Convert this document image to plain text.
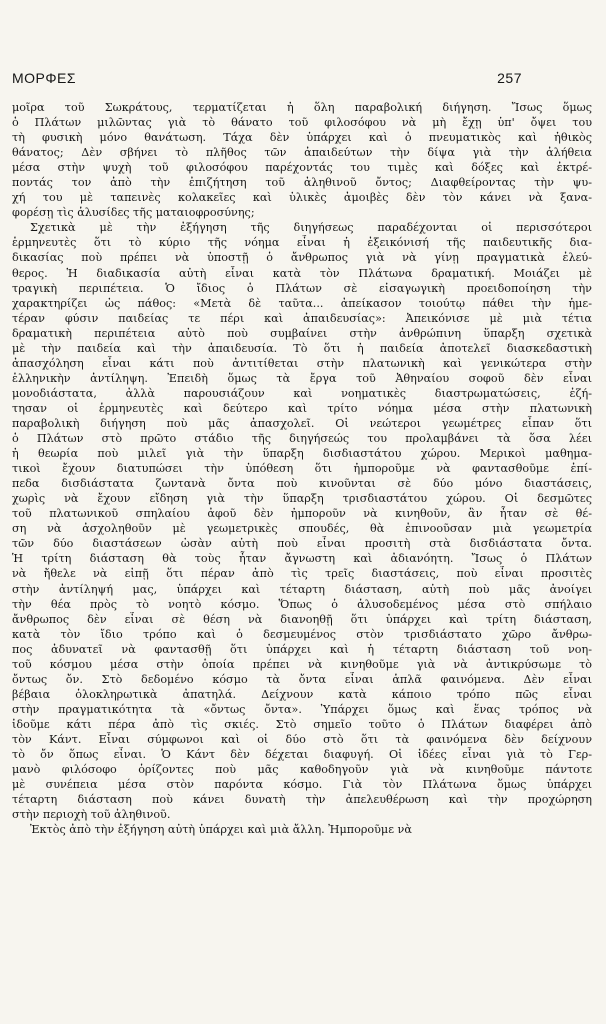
ΜΟΡΦΕΣ	257

μοῖρα τοῦ Σωκράτους, τερματίζεται ἡ ὅλη παραβολική διήγηση. Ἴσως ὅμως
ὁ Πλάτων μιλῶντας γιὰ τὸ θάνατο τοῦ φιλοσόφου νὰ μὴ ἔχῃ ὑπ' ὄψει του
τὴ φυσικὴ μόνο θανάτωση. Τάχα δὲν ὑπάρχει καὶ ὁ πνευματικὸς καὶ ἠθικὸς
θάνατος; Δὲν σβήνει τὸ πλῆθος τῶν ἀπαιδεύτων τὴν δίψα γιὰ τὴν ἀλήθεια
μέσα στὴν ψυχὴ τοῦ φιλοσόφου παρέχοντάς του τιμὲς καὶ δόξες καὶ ἐκτρέ-
ποντάς τον ἀπὸ τὴν ἐπιζήτηση τοῦ ἀληθινοῦ ὄντος; Διαφθείροντας τὴν ψυ-
χή του μὲ ταπεινὲς κολακεῖες καὶ ὑλικὲς ἀμοιβὲς δὲν τὸν κάνει νὰ ξανα-
φορέσῃ τὶς ἁλυσίδες τῆς ματαιοφροσύνης;

Σχετικὰ μὲ τὴν ἐξήγηση τῆς διηγήσεως παραδέχονται οἱ περισσότεροι
ἑρμηνευτὲς ὅτι τὸ κύριο τῆς νόημα εἶναι ἡ ἐξεικόνισή τῆς παιδευτικῆς δια-
δικασίας ποὺ πρέπει νὰ ὑποστῇ ὁ ἄνθρωπος γιὰ νὰ γίνῃ πραγματικὰ ἐλεύ-
θερος. Ἡ διαδικασία αὐτὴ εἶναι κατὰ τὸν Πλάτωνα δραματική. Μοιάζει μὲ
τραγικὴ περιπέτεια. Ὁ ἴδιος ὁ Πλάτων σὲ εἰσαγωγικὴ προειδοποίηση τὴν
χαρακτηρίζει ὡς πάθος: «Μετὰ δὲ ταῦτα... ἀπείκασον τοιούτῳ πάθει τὴν ἡμε-
τέραν φύσιν παιδείας τε πέρι καὶ ἀπαιδευσίας»: Ἀπεικόνισε μὲ μιὰ τέτια
δραματικὴ περιπέτεια αὐτὸ ποὺ συμβαίνει στὴν ἀνθρώπινη ὕπαρξη σχετικὰ
μὲ τὴν παιδεία καὶ τὴν ἀπαιδευσία. Τὸ ὅτι ἡ παιδεία ἀποτελεῖ διασκεδαστικὴ
ἀπασχόληση εἶναι κάτι ποὺ ἀντιτίθεται στὴν πλατωνικὴ καὶ γενικώτερα στὴν
ἑλληνικὴν ἀντίληψη. Ἐπειδὴ ὅμως τὰ ἔργα τοῦ Ἀθηναίου σοφοῦ δὲν εἶναι
μονοδιάστατα, ἀλλὰ παρουσιάζουν καὶ νοηματικὲς διαστρωματώσεις, ἐζή-
τησαν οἱ ἑρμηνευτὲς καὶ δεύτερο καὶ τρίτο νόημα μέσα στὴν πλατωνικὴ
παραβολικὴ διήγηση ποὺ μᾶς ἀπασχολεῖ. Οἱ νεώτεροι γεωμέτρες εἶπαν ὅτι
ὁ Πλάτων στὸ πρῶτο στάδιο τῆς διηγήσεώς του προλαμβάνει τὰ ὅσα λέει
ἡ θεωρία ποὺ μιλεῖ γιὰ τὴν ὕπαρξη δισδιαστάτου χώρου. Μερικοὶ μαθημα-
τικοὶ ἔχουν διατυπώσει τὴν ὑπόθεση ὅτι ἠμποροῦμε νὰ φαντασθοῦμε ἐπί-
πεδα δισδιάστατα ζωντανὰ ὄντα ποὺ κινοῦνται σὲ δύο μόνο διαστάσεις,
χωρὶς νὰ ἔχουν εἴδηση γιὰ τὴν ὕπαρξη τρισδιαστάτου χώρου. Οἱ δεσμῶτες
τοῦ πλατωνικοῦ σπηλαίου ἀφοῦ δὲν ἠμποροῦν νὰ κινηθοῦν, ἂν ἦταν σὲ θέ-
ση νὰ ἀσχοληθοῦν μὲ γεωμετρικὲς σπουδές, θὰ ἐπινοοῦσαν μιὰ γεωμετρία
τῶν δύο διαστάσεων ὡσὰν αὐτὴ ποὺ εἶναι προσιτὴ στὰ δισδιάστατα ὄντα.
Ἡ τρίτη διάσταση θὰ τοὺς ἦταν ἄγνωστη καὶ ἀδιανόητη. Ἴσως ὁ Πλάτων
νὰ ἤθελε νὰ εἰπῇ ὅτι πέραν ἀπὸ τὶς τρεῖς διαστάσεις, ποὺ εἶναι προσιτὲς
στὴν ἀντίληψή μας, ὑπάρχει καὶ τέταρτη διάσταση, αὐτὴ ποὺ μᾶς ἀνοίγει
τὴν θέα πρὸς τὸ νοητὸ κόσμο. Ὅπως ὁ ἁλυσοδεμένος μέσα στὸ σπήλαιο
ἄνθρωπος δὲν εἶναι σὲ θέση νὰ διανοηθῇ ὅτι ὑπάρχει καὶ τρίτη διάσταση,
κατὰ τὸν ἴδιο τρόπο καὶ ὁ δεσμευμένος στὸν τρισδιάστατο χῶρο ἄνθρω-
πος ἀδυνατεῖ νὰ φαντασθῇ ὅτι ὑπάρχει καὶ ἡ τέταρτη διάσταση τοῦ νοη-
τοῦ κόσμου μέσα στὴν ὁποία πρέπει νὰ κινηθοῦμε γιὰ νὰ ἀντικρύσωμε τὸ
ὄντως ὄν. Στὸ δεδομένο κόσμο τὰ ὄντα εἶναι ἁπλᾶ φαινόμενα. Δὲν εἶναι
βέβαια ὁλοκληρωτικὰ ἀπατηλά. Δείχνουν κατὰ κάποιο τρόπο πῶς εἶναι
στὴν πραγματικότητα τὰ «ὄντως ὄντα». Ὑπάρχει ὅμως καὶ ἕνας τρόπος νὰ
ἰδοῦμε κάτι πέρα ἀπὸ τὶς σκιές. Στὸ σημεῖο τοῦτο ὁ Πλάτων διαφέρει ἀπὸ
τὸν Κάντ. Εἶναι σύμφωνοι καὶ οἱ δύο στὸ ὅτι τὰ φαινόμενα δὲν δείχνουν
τὸ ὄν ὅπως εἶναι. Ὁ Κάντ δὲν δέχεται διαφυγή. Οἱ ἰδέες εἶναι γιὰ τὸ Γερ-
μανὸ φιλόσοφο ὁρίζοντες ποὺ μᾶς καθοδηγοῦν γιὰ νὰ κινηθοῦμε πάντοτε
μὲ συνέπεια μέσα στὸν παρόντα κόσμο. Γιὰ τὸν Πλάτωνα ὅμως ὑπάρχει
τέταρτη διάσταση ποὺ κάνει δυνατὴ τὴν ἀπελευθέρωση καὶ τὴν προχώρηση
στὴν περιοχὴ τοῦ ἀληθινοῦ.

Ἐκτὸς ἀπὸ τὴν ἐξήγηση αὐτὴ ὑπάρχει καὶ μιὰ ἄλλη. Ἠμποροῦμε νὰ
